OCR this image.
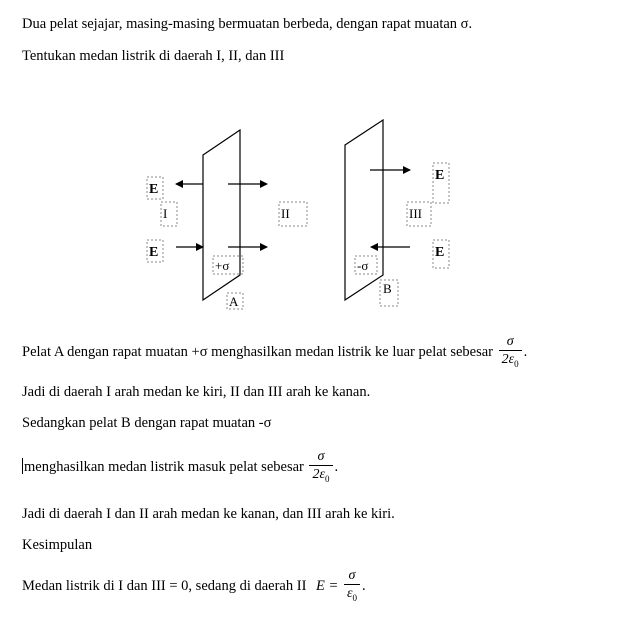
Dua pelat sejajar, masing-masing bermuatan berbeda, dengan rapat muatan σ.
Tentukan medan listrik di daerah I, II, dan III
E
E
E
E
I	II	III
+σ
A
-σ
B
Pelat A dengan rapat muatan +σ menghasilkan medan listrik ke luar pelat sebesar $\frac{\sigma}{2\varepsilon_0}$ .
Jadi di daerah I arah medan ke kiri, II dan III arah ke kanan.
Sedangkan pelat B dengan rapat muatan -σ
menghasilkan medan listrik masuk pelat sebesar $\frac{\sigma}{2\varepsilon_0}$ .
Jadi di daerah I dan II arah medan ke kanan, dan III arah ke kiri.
Kesimpulan
Medan listrik di I dan III = 0, sedang di daerah II $E = \frac{\sigma}{\varepsilon_0}$ .
